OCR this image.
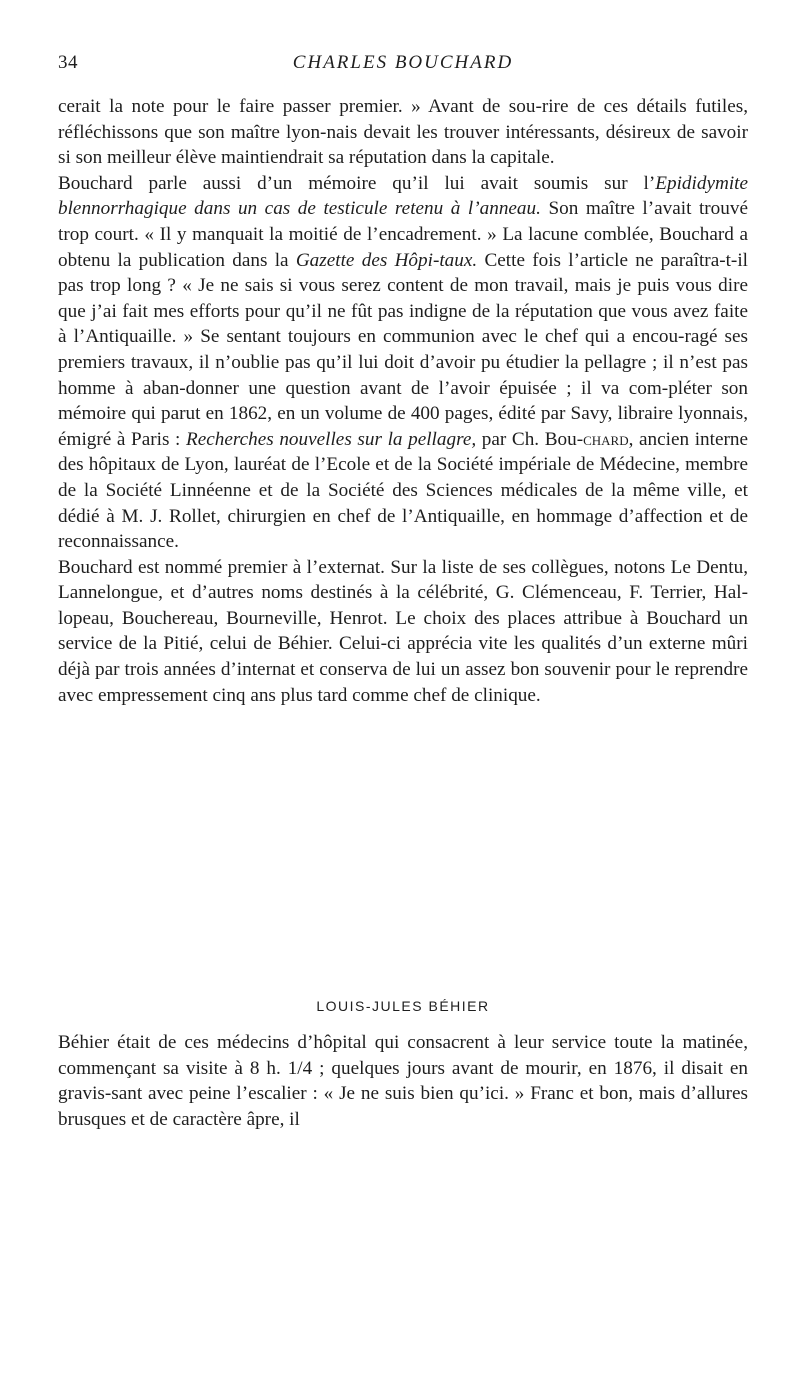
34	CHARLES BOUCHARD

cerait la note pour le faire passer premier. » Avant de sou-rire de ces détails futiles, réfléchissons que son maître lyon-nais devait les trouver intéressants, désireux de savoir si son meilleur élève maintiendrait sa réputation dans la capitale.

Bouchard parle aussi d’un mémoire qu’il lui avait soumis sur l’Epididymite blennorrhagique dans un cas de testicule retenu à l’anneau. Son maître l’avait trouvé trop court. « Il y manquait la moitié de l’encadrement. » La lacune comblée, Bouchard a obtenu la publication dans la Gazette des Hôpi-taux. Cette fois l’article ne paraîtra-t-il pas trop long ? « Je ne sais si vous serez content de mon travail, mais je puis vous dire que j’ai fait mes efforts pour qu’il ne fût pas indigne de la réputation que vous avez faite à l’Antiquaille. » Se sentant toujours en communion avec le chef qui a encou-ragé ses premiers travaux, il n’oublie pas qu’il lui doit d’avoir pu étudier la pellagre ; il n’est pas homme à aban-donner une question avant de l’avoir épuisée ; il va com-pléter son mémoire qui parut en 1862, en un volume de 400 pages, édité par Savy, libraire lyonnais, émigré à Paris : Recherches nouvelles sur la pellagre, par Ch. Bou-chard, ancien interne des hôpitaux de Lyon, lauréat de l’Ecole et de la Société impériale de Médecine, membre de la Société Linnéenne et de la Société des Sciences médicales de la même ville, et dédié à M. J. Rollet, chirurgien en chef de l’Antiquaille, en hommage d’affection et de reconnaissance.

Bouchard est nommé premier à l’externat. Sur la liste de ses collègues, notons Le Dentu, Lannelongue, et d’autres noms destinés à la célébrité, G. Clémenceau, F. Terrier, Hal-lopeau, Bouchereau, Bourneville, Henrot. Le choix des places attribue à Bouchard un service de la Pitié, celui de Béhier. Celui-ci apprécia vite les qualités d’un externe mûri déjà par trois années d’internat et conserva de lui un assez bon souvenir pour le reprendre avec empressement cinq ans plus tard comme chef de clinique.

LOUIS-JULES BÉHIER

Béhier était de ces médecins d’hôpital qui consacrent à leur service toute la matinée, commençant sa visite à 8 h. 1/4 ; quelques jours avant de mourir, en 1876, il disait en gravis-sant avec peine l’escalier : « Je ne suis bien qu’ici. » Franc et bon, mais d’allures brusques et de caractère âpre, il
